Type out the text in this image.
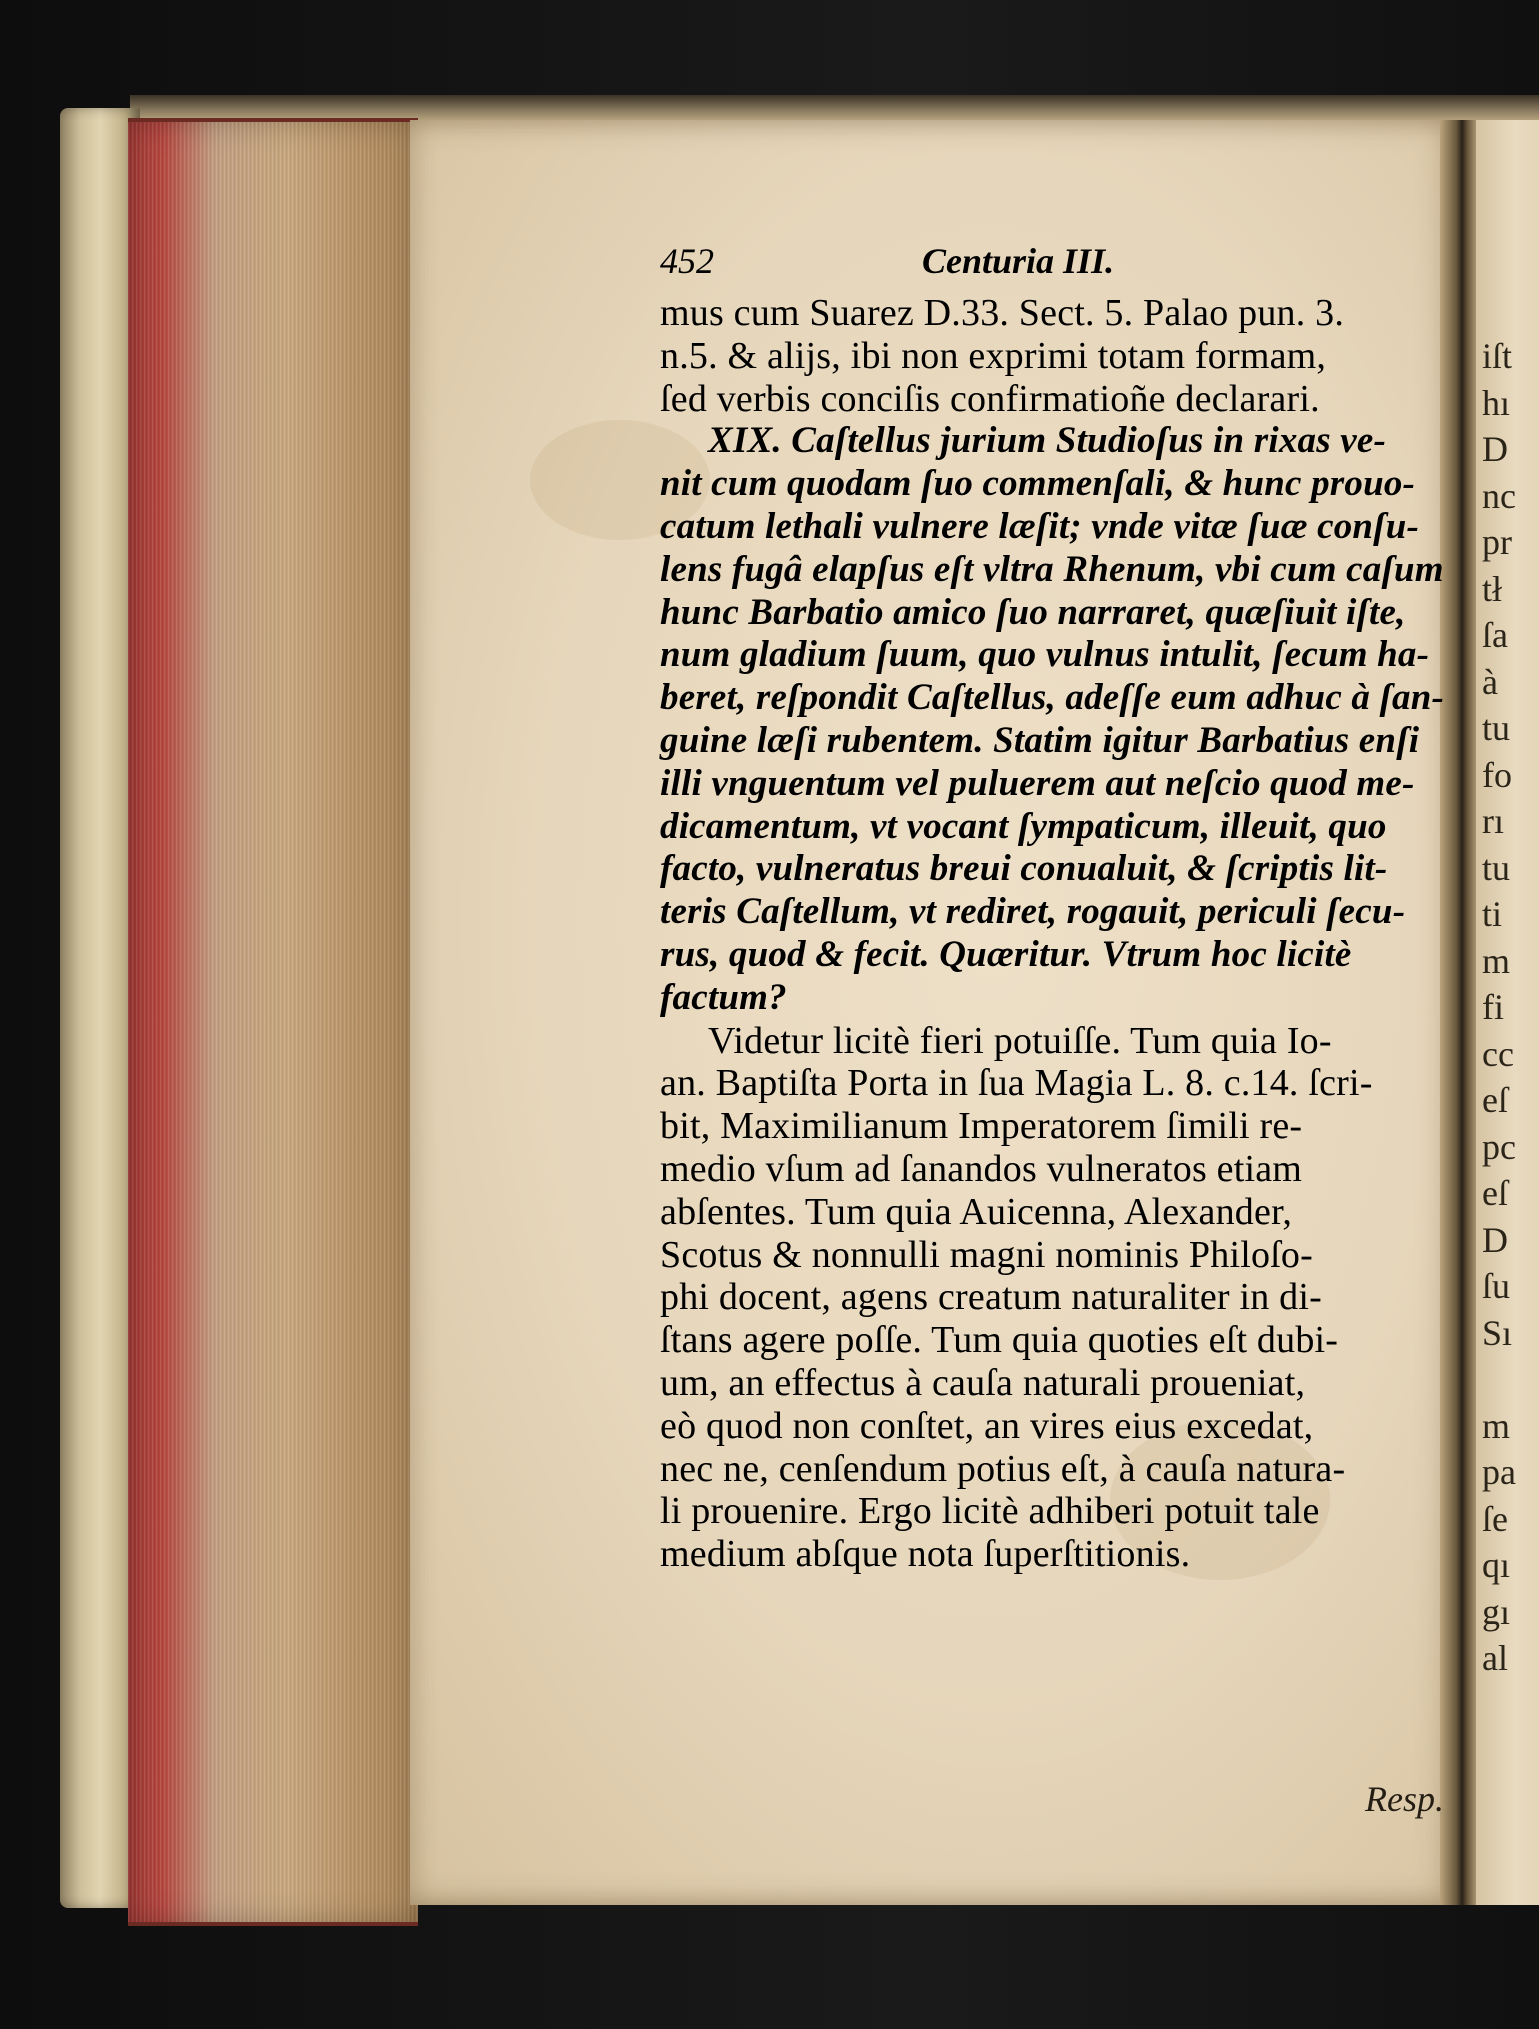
iſt
hı
D
nc
pr
tł
ſa
à
tu
fo
rı
tu
ti
m
fi
cc
eſ
pc
eſ
D
ſu
Sı
m
pa
ſe
qı
gı
al
452	Centuria III.
mus cum Suarez D.33. Sect. 5. Palao pun. 3.
n.5. & alijs, ibi non exprimi totam formam,
ſed verbis conciſis confirmatioñe declarari.
XIX. Caſtellus jurium Studioſus in rixas ve-
nit cum quodam ſuo commenſali, & hunc prouo-
catum lethali vulnere læſit; vnde vitæ ſuæ conſu-
lens fugâ elapſus eſt vltra Rhenum, vbi cum caſum
hunc Barbatio amico ſuo narraret, quæſiuit iſte,
num gladium ſuum, quo vulnus intulit, ſecum ha-
beret, reſpondit Caſtellus, adeſſe eum adhuc à ſan-
guine læſi rubentem. Statim igitur Barbatius enſi
illi vnguentum vel puluerem aut neſcio quod me-
dicamentum, vt vocant ſympaticum, illeuit, quo
facto, vulneratus breui conualuit, & ſcriptis lit-
teris Caſtellum, vt rediret, rogauit, periculi ſecu-
rus, quod & fecit. Quæritur. Vtrum hoc licitè
factum?
Videtur licitè fieri potuiſſe. Tum quia Io-
an. Baptiſta Porta in ſua Magia L. 8. c.14. ſcri-
bit, Maximilianum Imperatorem ſimili re-
medio vſum ad ſanandos vulneratos etiam
abſentes. Tum quia Auicenna, Alexander,
Scotus & nonnulli magni nominis Philoſo-
phi docent, agens creatum naturaliter in di-
ſtans agere poſſe. Tum quia quoties eſt dubi-
um, an effectus à cauſa naturali proueniat,
eò quod non conſtet, an vires eius excedat,
nec ne, cenſendum potius eſt, à cauſa natura-
li prouenire. Ergo licitè adhiberi potuit tale
medium abſque nota ſuperſtitionis.
Resp.
